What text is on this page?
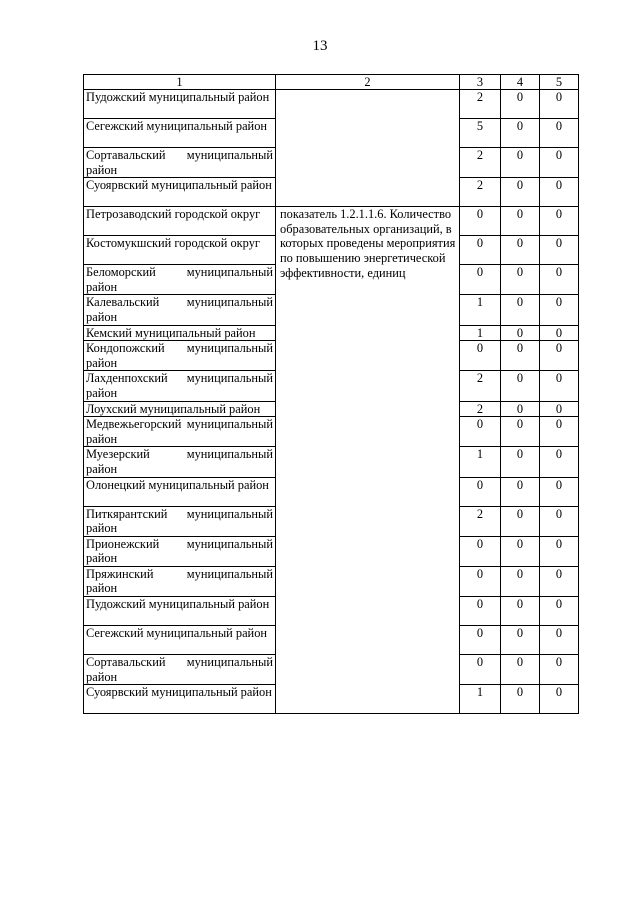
13
1	2	3	4	5
Пудожский муниципальный район		2	0	0
Сегежский муниципальный район		5	0	0
Сортавальский муниципальный район		2	0	0
Суоярвский муниципальный район		2	0	0
Петрозаводский городской округ	показатель 1.2.1.1.6. Количество образовательных организаций, в которых проведены мероприятия по повышению энергетической эффективности, единиц	0	0	0
Костомукшский городской округ		0	0	0
Беломорский муниципальный район		0	0	0
Калевальский муниципальный район		1	0	0
Кемский муниципальный район		1	0	0
Кондопожский муниципальный район		0	0	0
Лахденпохский муниципальный район		2	0	0
Лоухский муниципальный район		2	0	0
Медвежьегорский муниципальный район		0	0	0
Муезерский муниципальный район		1	0	0
Олонецкий муниципальный район		0	0	0
Питкярантский муниципальный район		2	0	0
Прионежский муниципальный район		0	0	0
Пряжинский муниципальный район		0	0	0
Пудожский муниципальный район		0	0	0
Сегежский муниципальный район		0	0	0
Сортавальский муниципальный район		0	0	0
Суоярвский муниципальный район		1	0	0
